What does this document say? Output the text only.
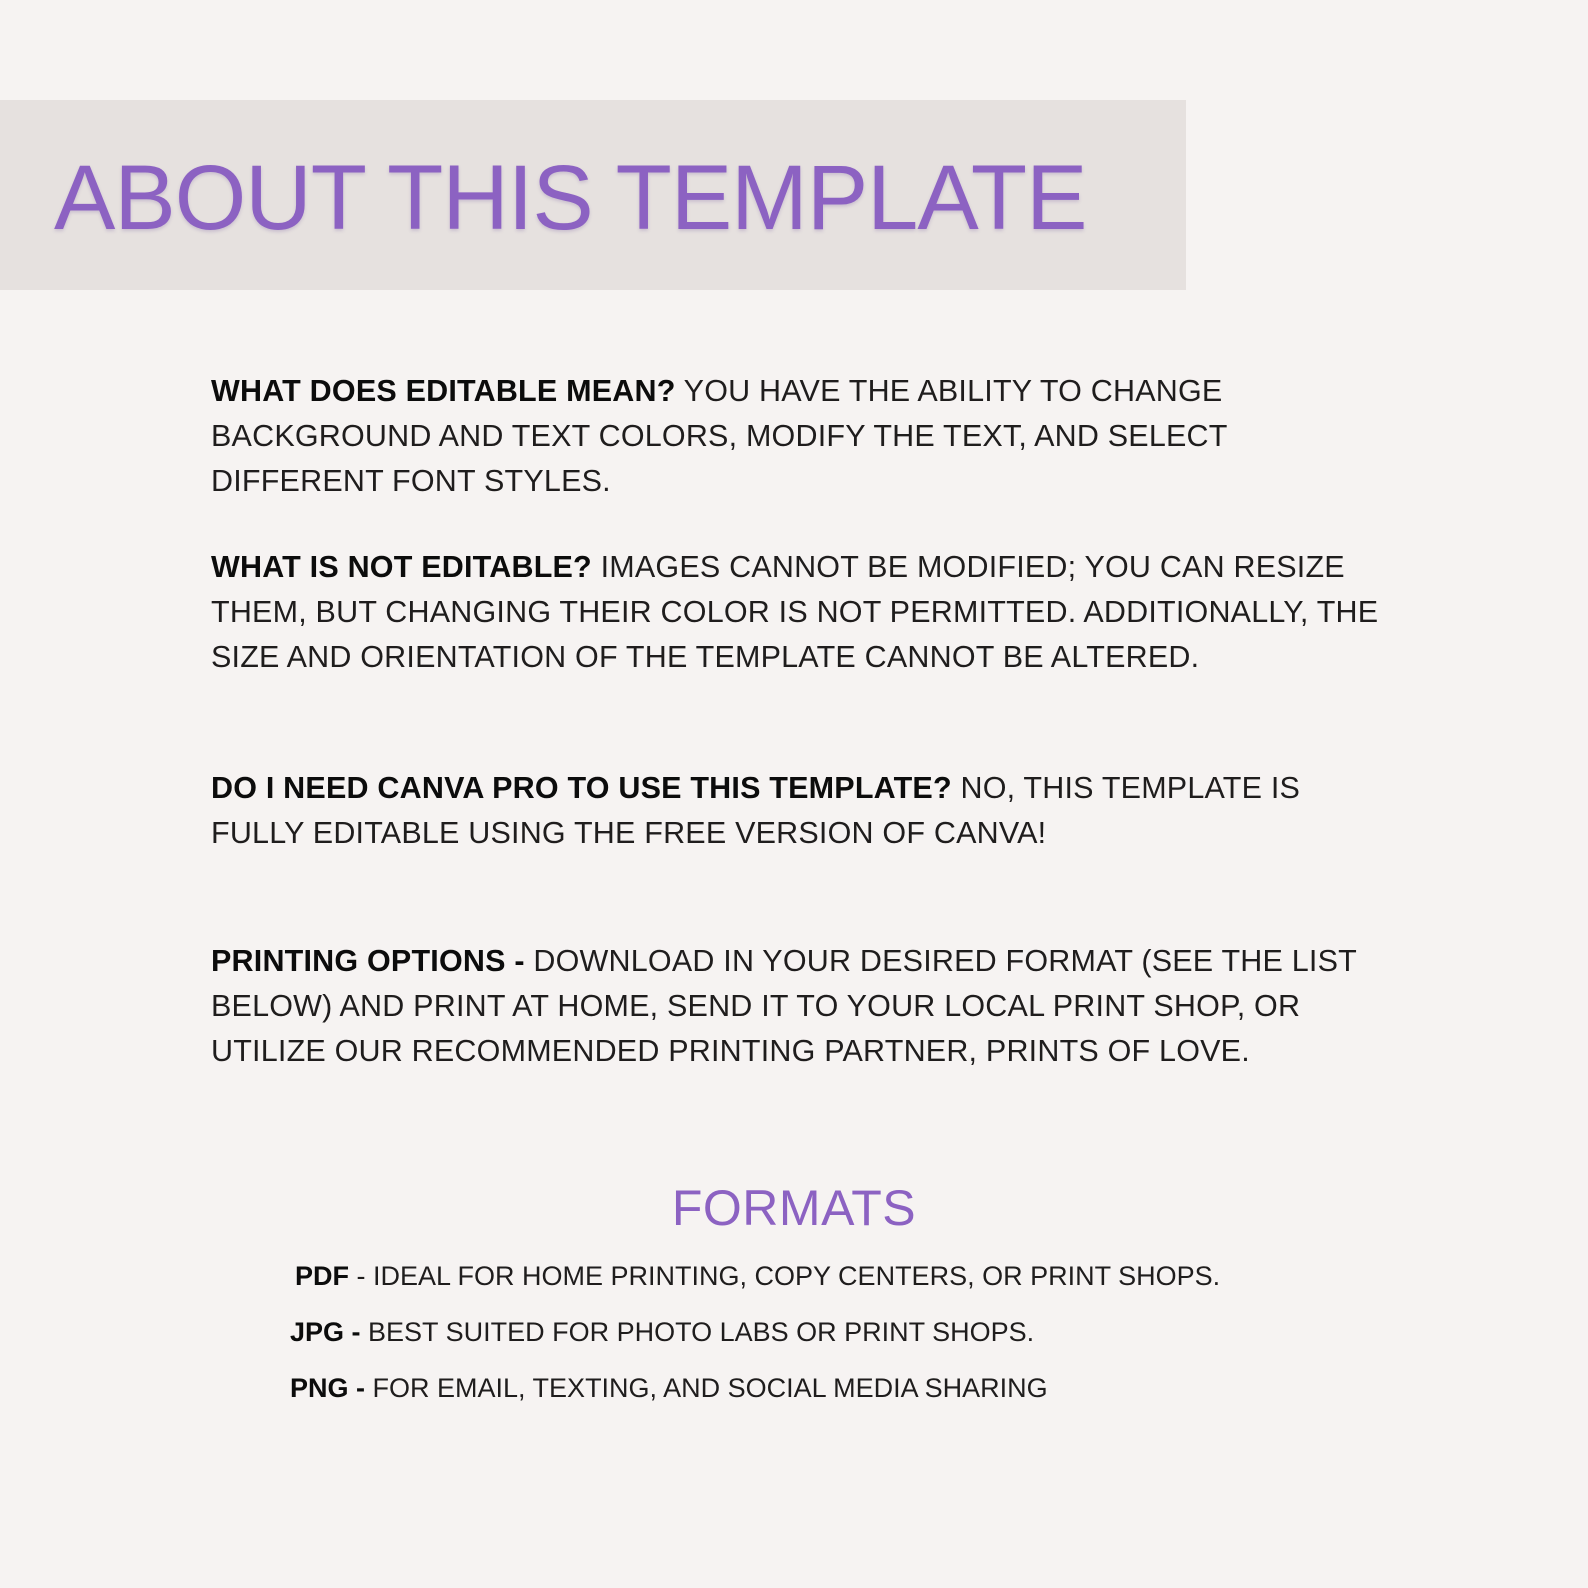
ABOUT THIS TEMPLATE

WHAT DOES EDITABLE MEAN? YOU HAVE THE ABILITY TO CHANGE BACKGROUND AND TEXT COLORS, MODIFY THE TEXT, AND SELECT DIFFERENT FONT STYLES.

WHAT IS NOT EDITABLE? IMAGES CANNOT BE MODIFIED; YOU CAN RESIZE THEM, BUT CHANGING THEIR COLOR IS NOT PERMITTED. ADDITIONALLY, THE SIZE AND ORIENTATION OF THE TEMPLATE CANNOT BE ALTERED.

DO I NEED CANVA PRO TO USE THIS TEMPLATE? NO, THIS TEMPLATE IS FULLY EDITABLE USING THE FREE VERSION OF CANVA!

PRINTING OPTIONS - DOWNLOAD IN YOUR DESIRED FORMAT (SEE THE LIST BELOW) AND PRINT AT HOME, SEND IT TO YOUR LOCAL PRINT SHOP, OR UTILIZE OUR RECOMMENDED PRINTING PARTNER, PRINTS OF LOVE.

FORMATS

PDF - IDEAL FOR HOME PRINTING, COPY CENTERS, OR PRINT SHOPS.

JPG - BEST SUITED FOR PHOTO LABS OR PRINT SHOPS.

PNG - FOR EMAIL, TEXTING, AND SOCIAL MEDIA SHARING
